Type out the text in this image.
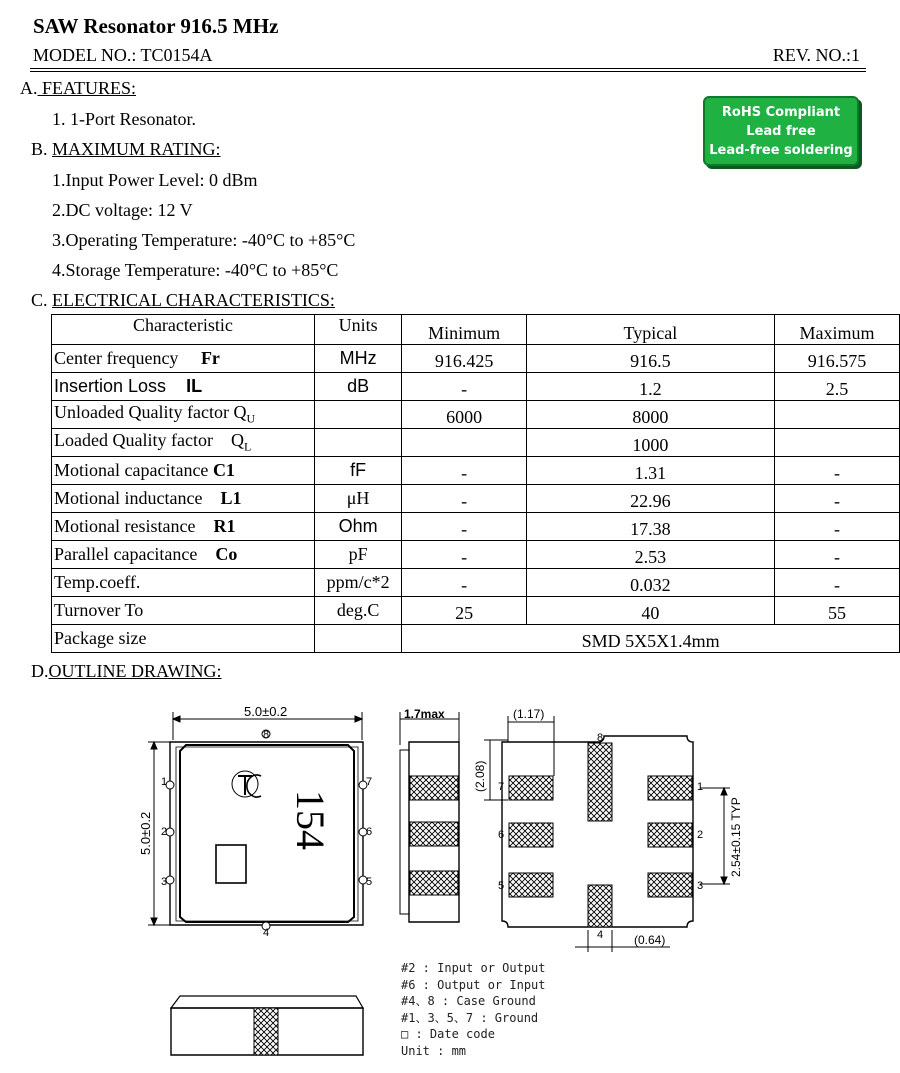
SAW Resonator 916.5 MHz
MODEL NO.: TC0154A	REV. NO.:1
A. FEATURES:
1. 1-Port Resonator.	RoHS Compliant
Lead free
Lead-free soldering
B. MAXIMUM RATING:
1.Input Power Level: 0 dBm
2.DC voltage: 12 V
3.Operating Temperature: -40°C to +85°C
4.Storage Temperature: -40°C to +85°C
C. ELECTRICAL CHARACTERISTICS:
Characteristic	Units	Minimum	Typical	Maximum
Center frequency Fr	MHz	916.425	916.5	916.575
Insertion Loss IL	dB	-	1.2	2.5
Unloaded Quality factor $Q_U$		6000	8000	
Loaded Quality factor $Q_L$			1000	
Motional capacitance C1	fF	-	1.31	-
Motional inductance L1	μH	-	22.96	-
Motional resistance R1	Ohm	-	17.38	-
Parallel capacitance Co	pF	-	2.53	-
Temp.coeff.	ppm/c*2	-	0.032	-
Turnover To	deg.C	25	40	55
Package size		SMD 5X5X1.4mm		
D.OUTLINE DRAWING:
154
5.0±0.2
5.0±0.2
8
4
1
2
3
7
6
5
1.7max	(1.17)
(2.08)
2.54±0.15 TYP
(0.64)
8
4
7
6
5
1
2
3
#2 : Input or Output
#6 : Output or Input
#4、8 : Case Ground
#1、3、5、7 : Ground
□ : Date code
Unit : mm
